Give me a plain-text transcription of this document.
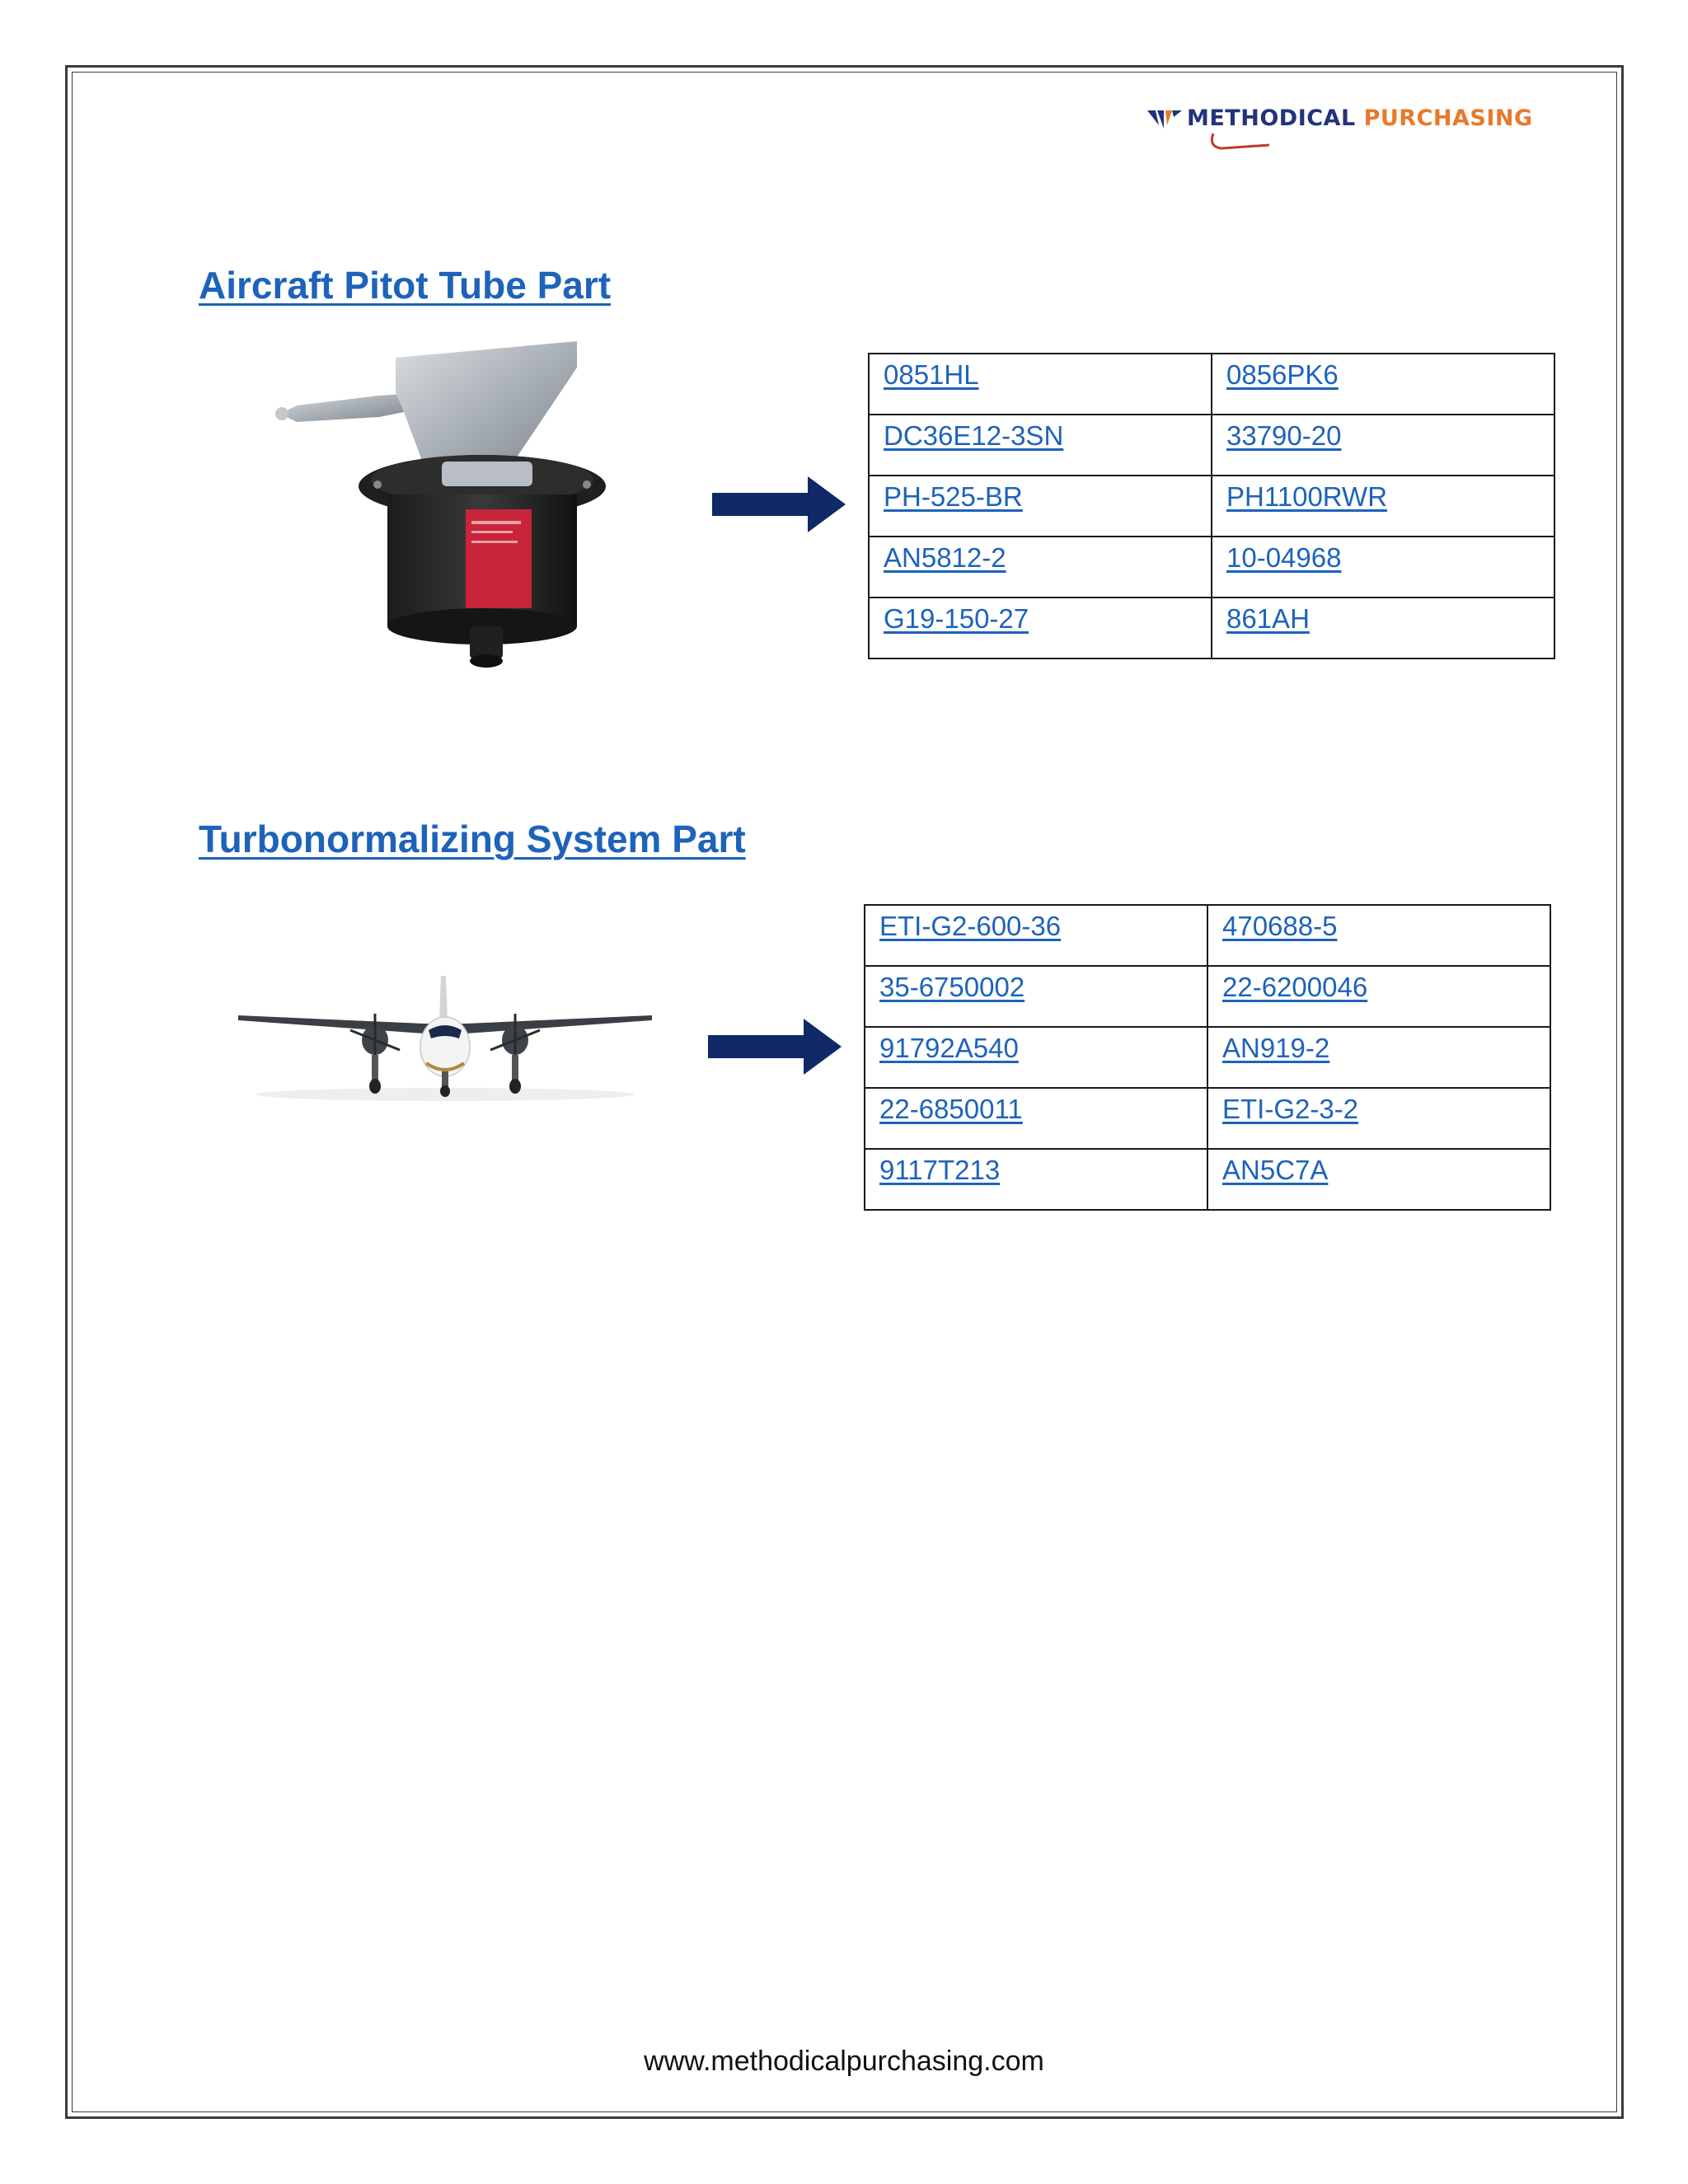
METHODICAL PURCHASING
Aircraft Pitot Tube Part
0851HL	0856PK6
DC36E12-3SN	33790-20
PH-525-BR	PH1100RWR
AN5812-2	10-04968
G19-150-27	861AH
Turbonormalizing System Part
ETI-G2-600-36	470688-5
35-6750002	22-6200046
91792A540	AN919-2
22-6850011	ETI-G2-3-2
9117T213	AN5C7A
www.methodicalpurchasing.com
